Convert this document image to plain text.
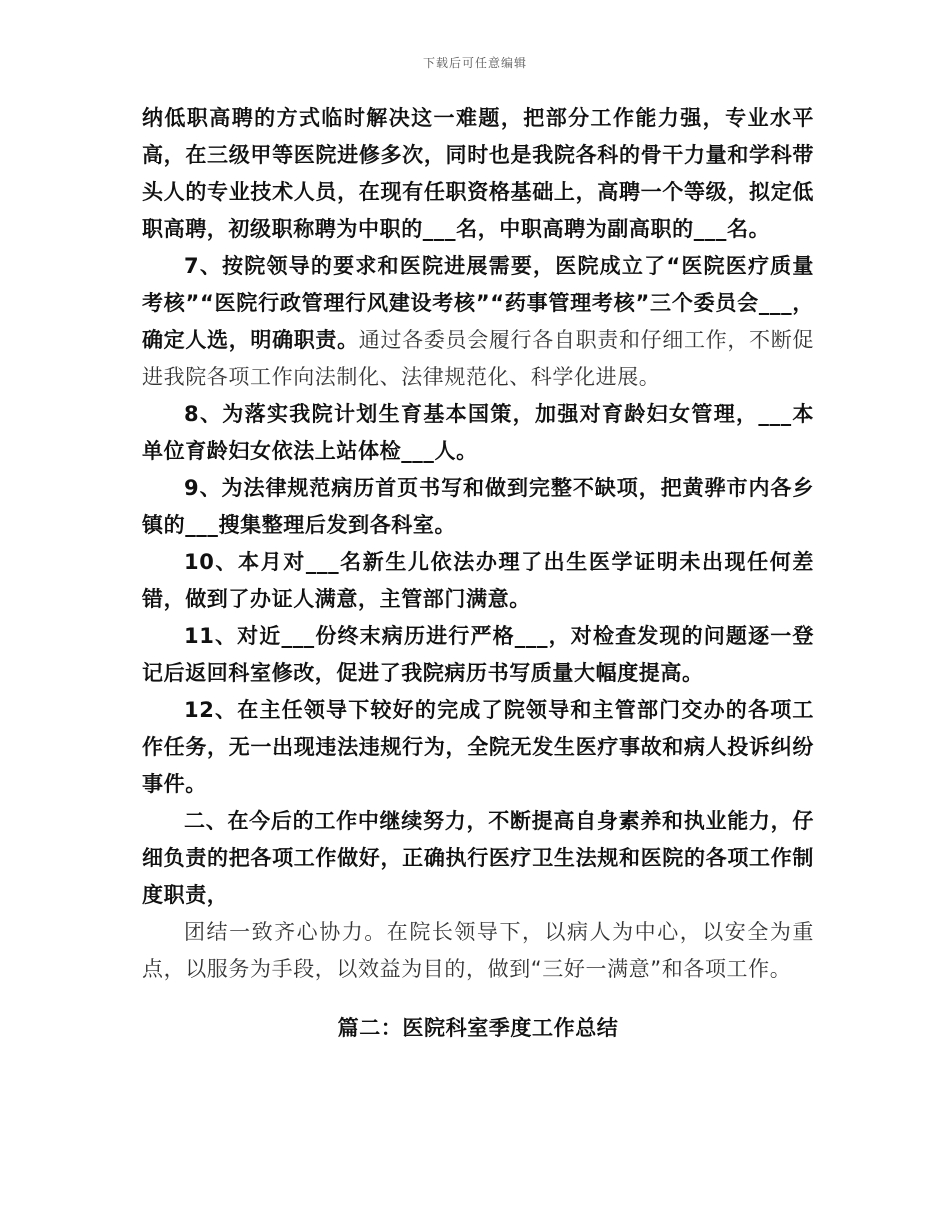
下载后可任意编辑

纳低职高聘的方式临时解决这一难题，把部分工作能力强，专业水平高，在三级甲等医院进修多次，同时也是我院各科的骨干力量和学科带头人的专业技术人员，在现有任职资格基础上，高聘一个等级，拟定低职高聘，初级职称聘为中职的___名，中职高聘为副高职的___名。

7、按院领导的要求和医院进展需要，医院成立了“医院医疗质量考核”“医院行政管理行风建设考核”“药事管理考核”三个委员会___，确定人选，明确职责。通过各委员会履行各自职责和仔细工作，不断促进我院各项工作向法制化、法律规范化、科学化进展。

8、为落实我院计划生育基本国策，加强对育龄妇女管理，___本单位育龄妇女依法上站体检___人。

9、为法律规范病历首页书写和做到完整不缺项，把黄骅市内各乡镇的___搜集整理后发到各科室。

10、本月对___名新生儿依法办理了出生医学证明未出现任何差错，做到了办证人满意，主管部门满意。

11、对近___份终末病历进行严格___，对检查发现的问题逐一登记后返回科室修改，促进了我院病历书写质量大幅度提高。

12、在主任领导下较好的完成了院领导和主管部门交办的各项工作任务，无一出现违法违规行为，全院无发生医疗事故和病人投诉纠纷事件。

二、在今后的工作中继续努力，不断提高自身素养和执业能力，仔细负责的把各项工作做好，正确执行医疗卫生法规和医院的各项工作制度职责，

团结一致齐心协力。在院长领导下，以病人为中心，以安全为重点，以服务为手段，以效益为目的，做到“三好一满意”和各项工作。

篇二：医院科室季度工作总结
